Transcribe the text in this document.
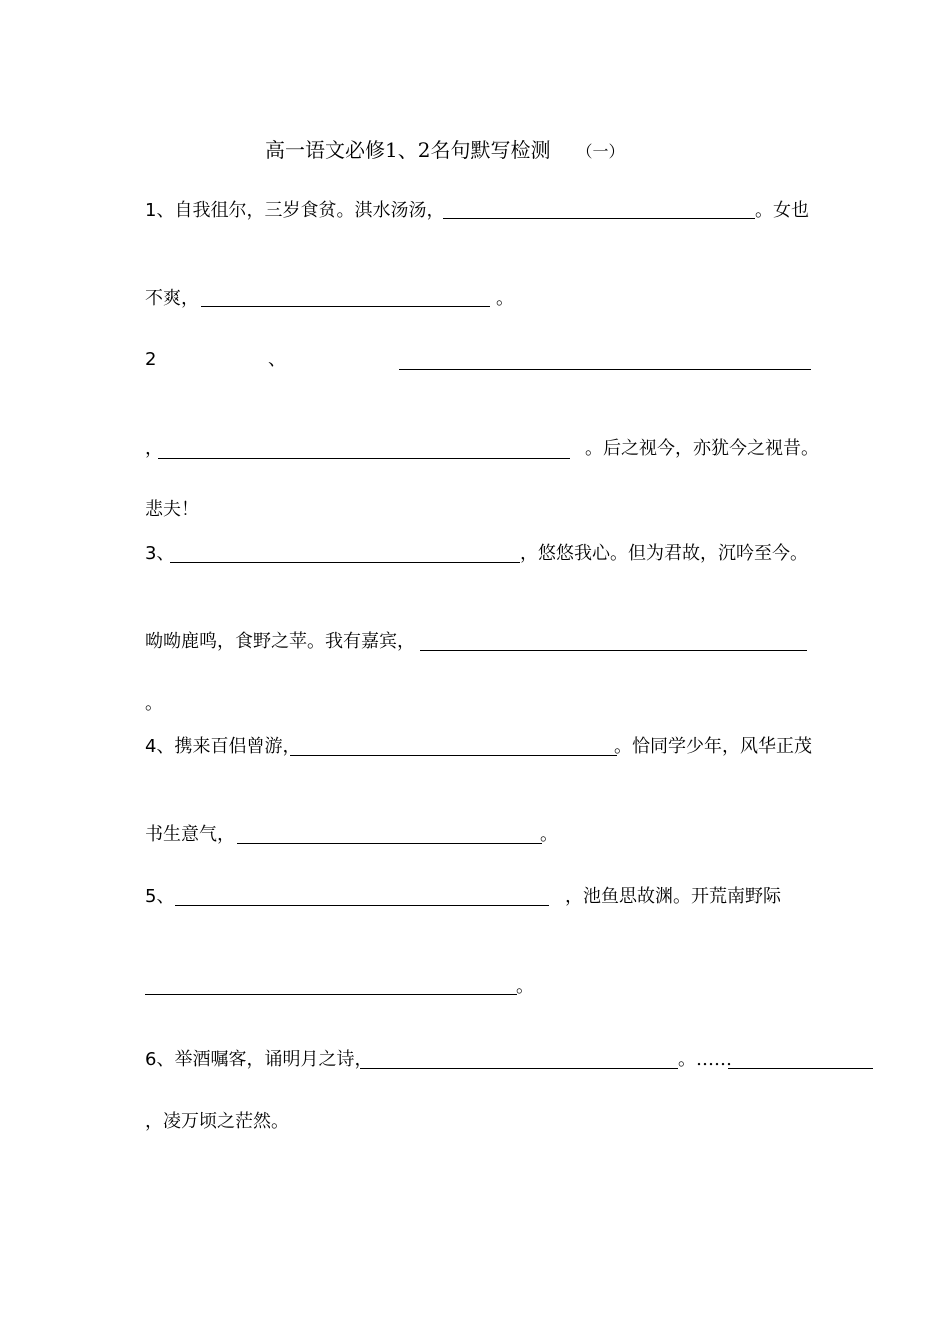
高一语文必修1、2名句默写检测 （一）
1、自我徂尔，三岁食贫。淇水汤汤，	。女也
不爽，	。
2	、
，	。后之视今，亦犹今之视昔。
悲夫！
3、	，悠悠我心。但为君故，沉吟至今。
呦呦鹿鸣，食野之苹。我有嘉宾，
。
4、携来百侣曾游，	。恰同学少年，风华正茂
书生意气，	。
5、	，池鱼思故渊。开荒南野际
。
6、举酒嘱客，诵明月之诗，	。……
，凌万顷之茫然。
